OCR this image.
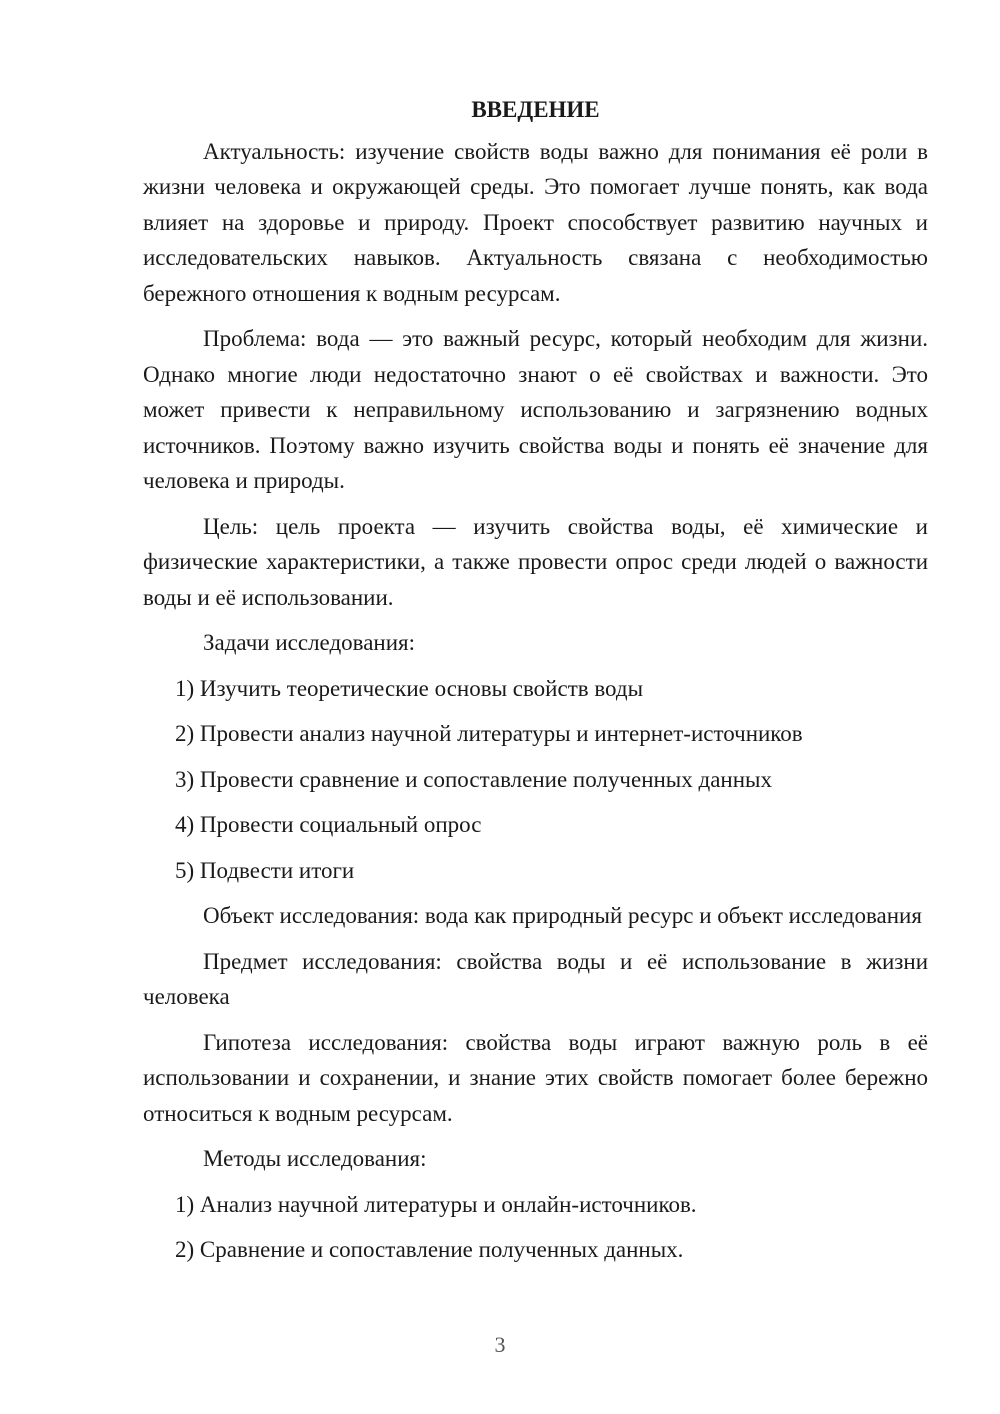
ВВЕДЕНИЕ

Актуальность: изучение свойств воды важно для понимания её роли в жизни человека и окружающей среды. Это помогает лучше понять, как вода влияет на здоровье и природу. Проект способствует развитию научных и исследовательских навыков. Актуальность связана с необходимостью бережного отношения к водным ресурсам.

Проблема: вода — это важный ресурс, который необходим для жизни. Однако многие люди недостаточно знают о её свойствах и важности. Это может привести к неправильному использованию и загрязнению водных источников. Поэтому важно изучить свойства воды и понять её значение для человека и природы.

Цель: цель проекта — изучить свойства воды, её химические и физические характеристики, а также провести опрос среди людей о важности воды и её использовании.

Задачи исследования:

1) Изучить теоретические основы свойств воды

2) Провести анализ научной литературы и интернет-источников

3) Провести сравнение и сопоставление полученных данных

4) Провести социальный опрос

5) Подвести итоги

Объект исследования: вода как природный ресурс и объект исследования

Предмет исследования: свойства воды и её использование в жизни человека

Гипотеза исследования: свойства воды играют важную роль в её использовании и сохранении, и знание этих свойств помогает более бережно относиться к водным ресурсам.

Методы исследования:

1) Анализ научной литературы и онлайн-источников.

2) Сравнение и сопоставление полученных данных.

3
